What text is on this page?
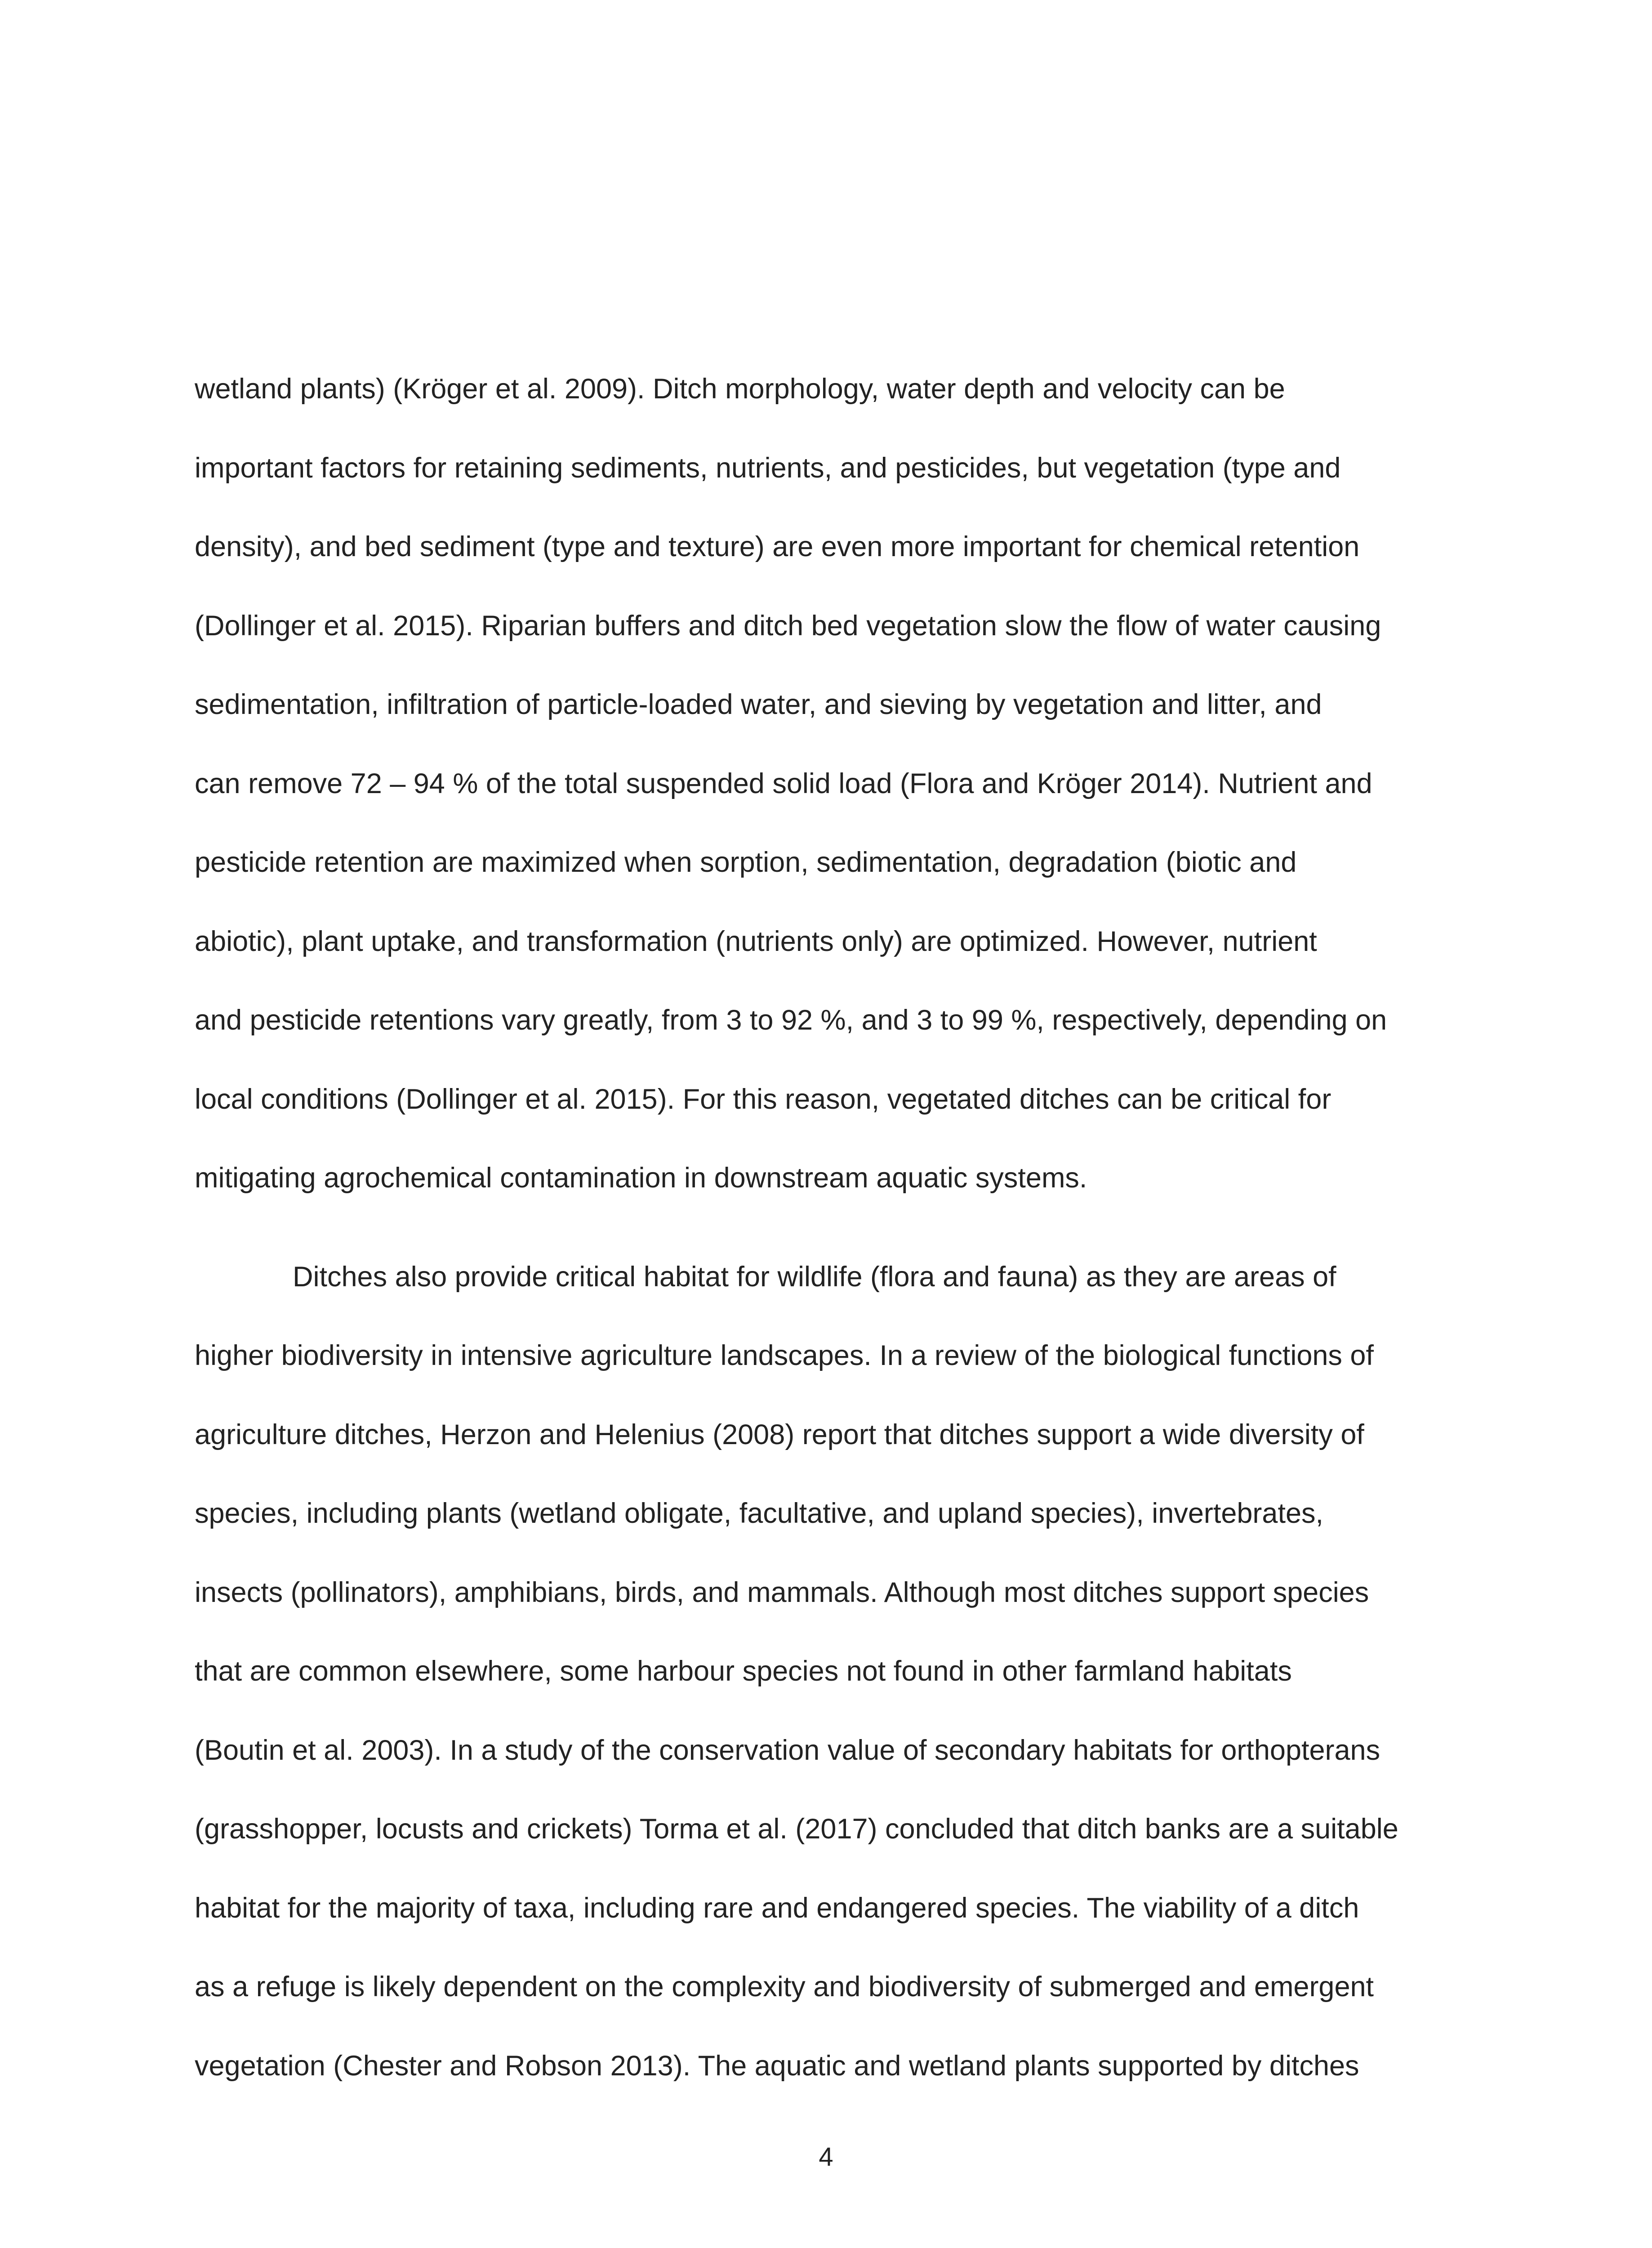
wetland plants) (Kröger et al. 2009). Ditch morphology, water depth and velocity can be
important factors for retaining sediments, nutrients, and pesticides, but vegetation (type and
density), and bed sediment (type and texture) are even more important for chemical retention
(Dollinger et al. 2015). Riparian buffers and ditch bed vegetation slow the flow of water causing
sedimentation, infiltration of particle-loaded water, and sieving by vegetation and litter, and
can remove 72 – 94 % of the total suspended solid load (Flora and Kröger 2014). Nutrient and
pesticide retention are maximized when sorption, sedimentation, degradation (biotic and
abiotic), plant uptake, and transformation (nutrients only) are optimized. However, nutrient
and pesticide retentions vary greatly, from 3 to 92 %, and 3 to 99 %, respectively, depending on
local conditions (Dollinger et al. 2015). For this reason, vegetated ditches can be critical for
mitigating agrochemical contamination in downstream aquatic systems.
Ditches also provide critical habitat for wildlife (flora and fauna) as they are areas of
higher biodiversity in intensive agriculture landscapes. In a review of the biological functions of
agriculture ditches, Herzon and Helenius (2008) report that ditches support a wide diversity of
species, including plants (wetland obligate, facultative, and upland species), invertebrates,
insects (pollinators), amphibians, birds, and mammals. Although most ditches support species
that are common elsewhere, some harbour species not found in other farmland habitats
(Boutin et al. 2003). In a study of the conservation value of secondary habitats for orthopterans
(grasshopper, locusts and crickets) Torma et al. (2017) concluded that ditch banks are a suitable
habitat for the majority of taxa, including rare and endangered species. The viability of a ditch
as a refuge is likely dependent on the complexity and biodiversity of submerged and emergent
vegetation (Chester and Robson 2013). The aquatic and wetland plants supported by ditches
4
